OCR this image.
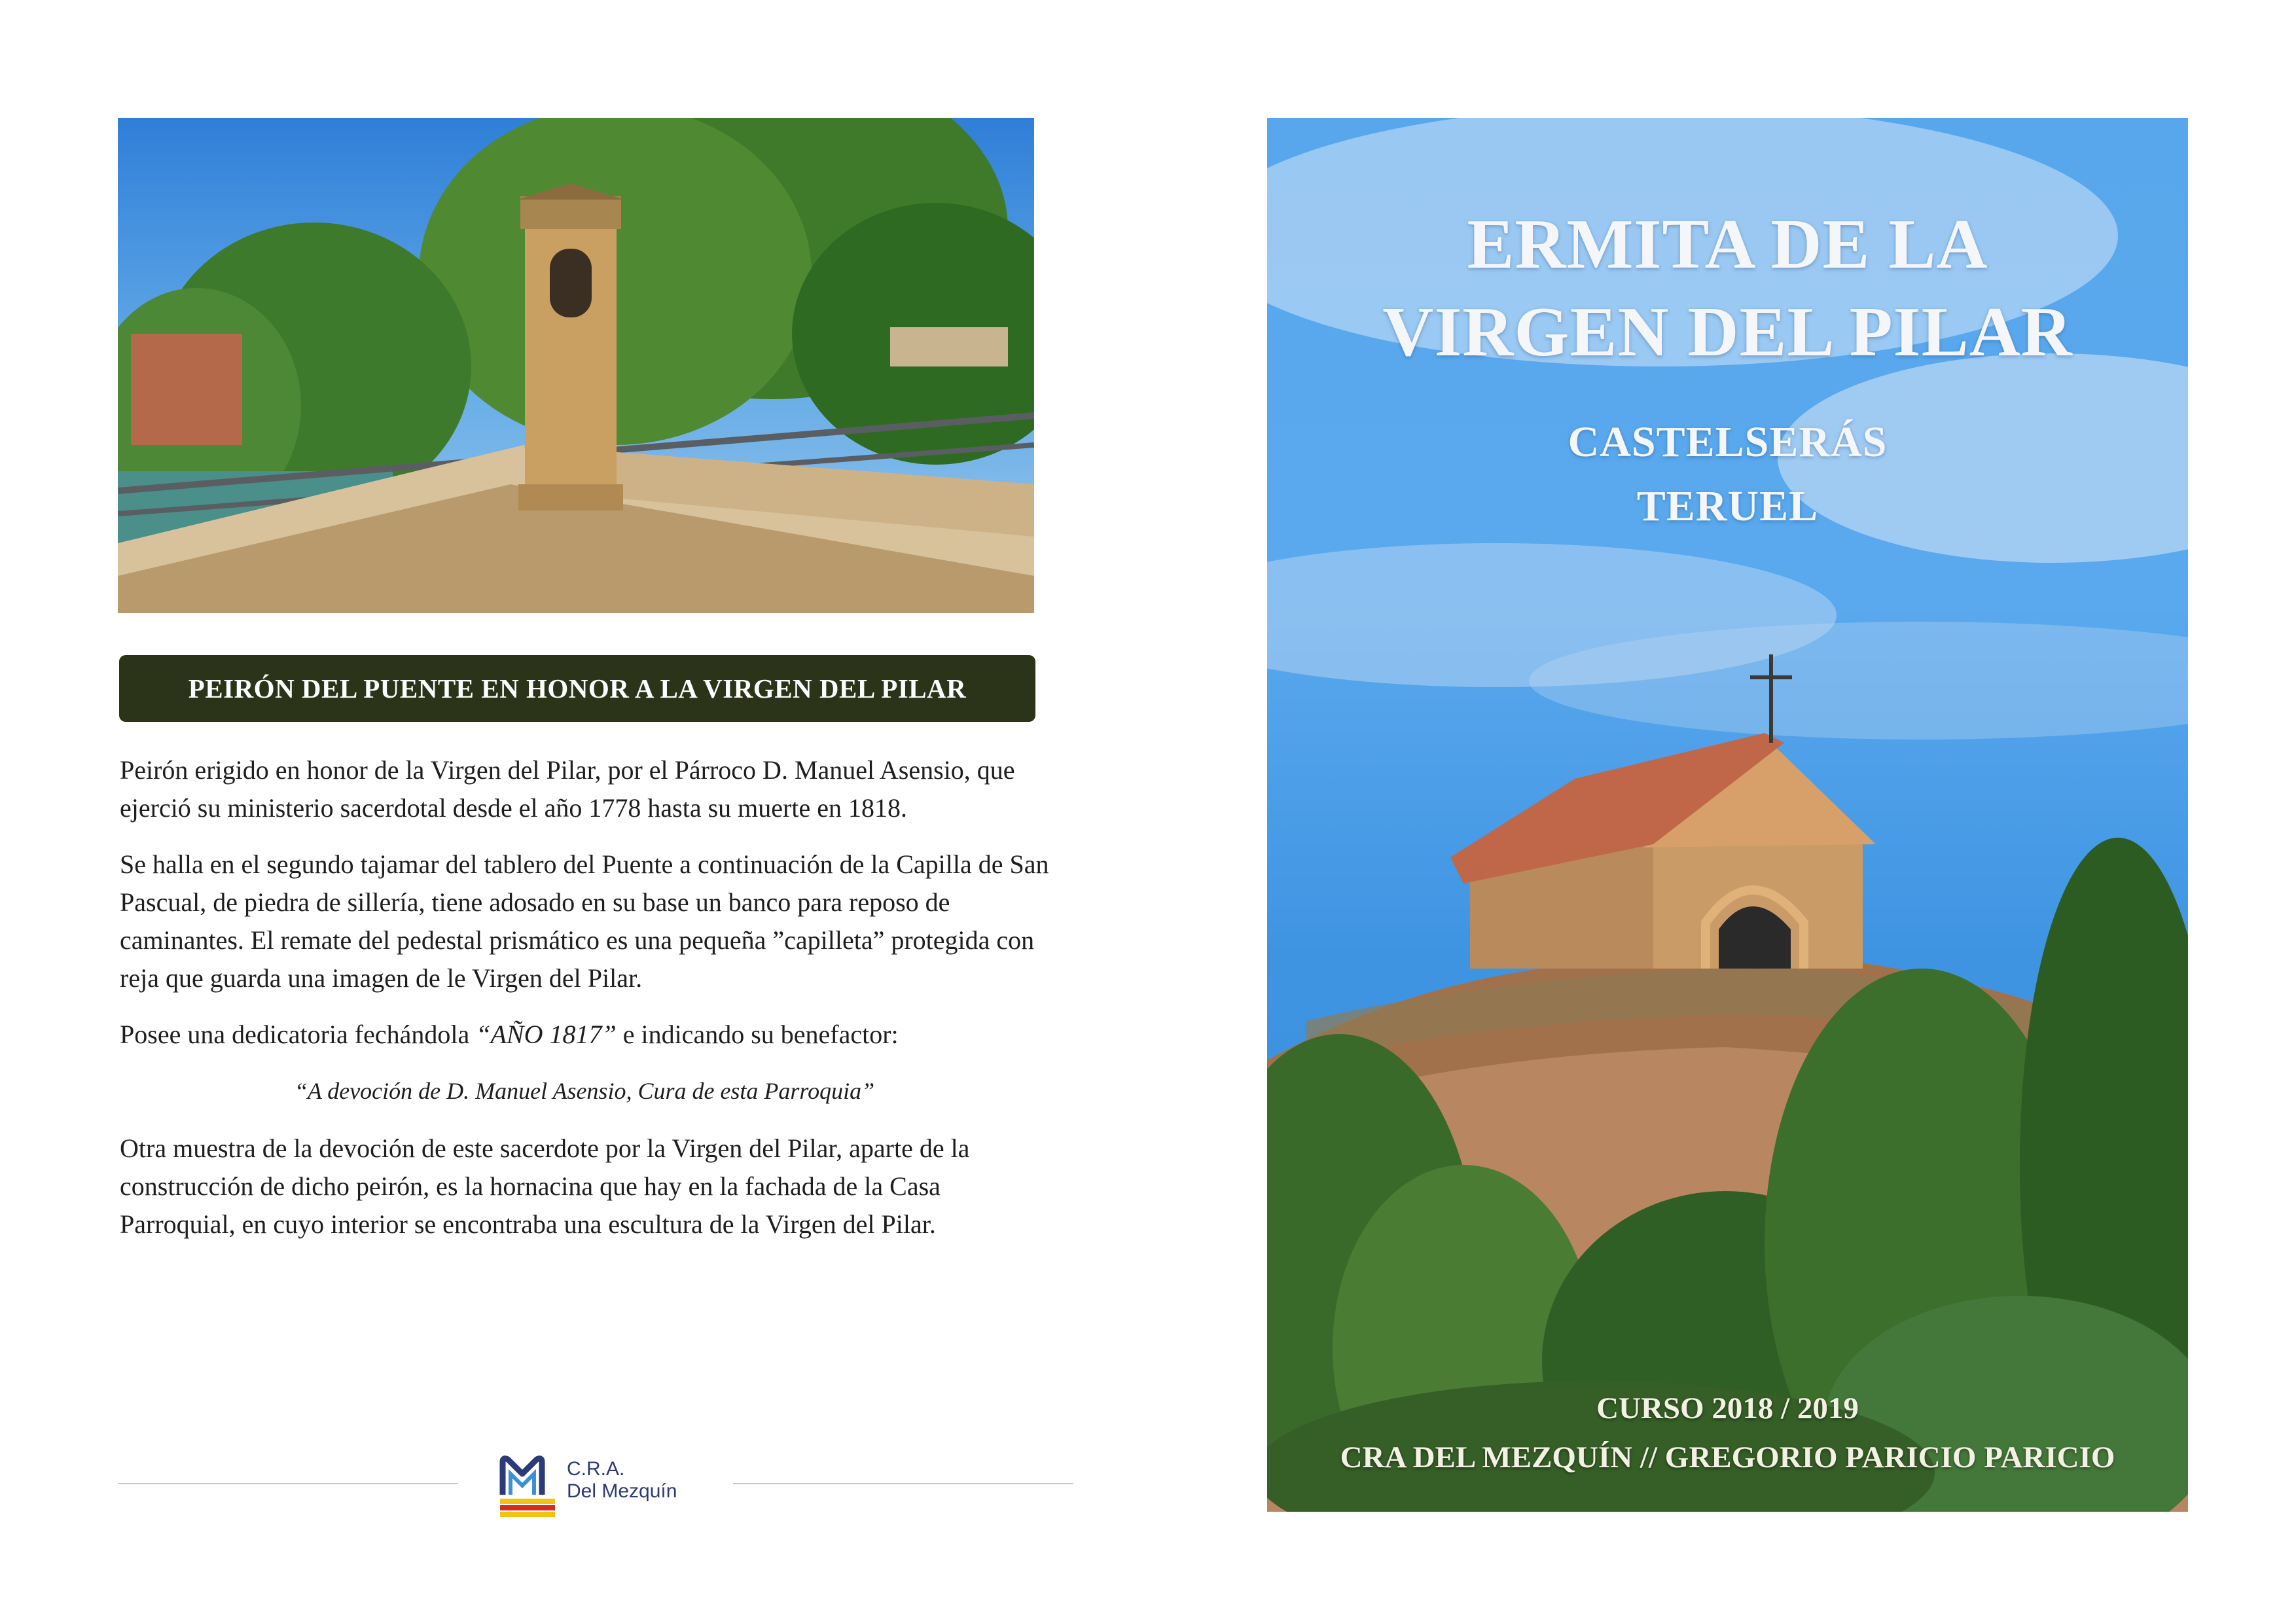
PEIRÓN DEL PUENTE EN HONOR A LA VIRGEN DEL PILAR

Peirón erigido en honor de la Virgen del Pilar, por el Párroco D. Manuel Asensio, que ejerció su ministerio sacerdotal desde el año 1778 hasta su muerte en 1818.

Se halla en el segundo tajamar del tablero del Puente a continuación de la Capilla de San Pascual, de piedra de sillería, tiene adosado en su base un banco para reposo de caminantes. El remate del pedestal prismático es una pequeña ”capilleta” protegida con reja que guarda una imagen de le Virgen del Pilar.

Posee una dedicatoria fechándola “AÑO 1817” e indicando su benefactor:

“A devoción de D. Manuel Asensio, Cura de esta Parroquia”

Otra muestra de la devoción de este sacerdote por la Virgen del Pilar, aparte de la construcción de dicho peirón, es la hornacina que hay en la fachada de la Casa Parroquial, en cuyo interior se encontraba una escultura de la Virgen del Pilar.

C.R.A.
Del Mezquín
ERMITA DE LA
VIRGEN DEL PILAR
CASTELSERÁS
TERUEL
CURSO 2018 / 2019
CRA DEL MEZQUÍN // GREGORIO PARICIO PARICIO
